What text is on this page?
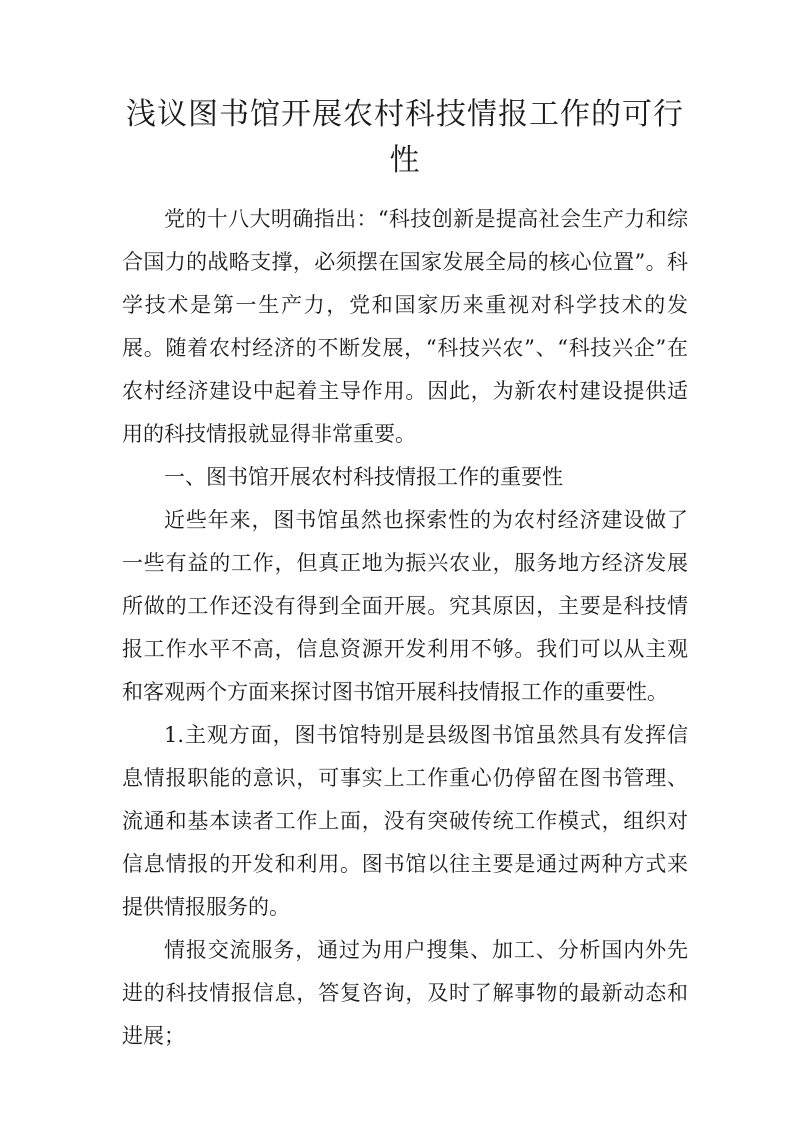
浅议图书馆开展农村科技情报工作的可行性

党的十八大明确指出：“科技创新是提高社会生产力和综合国力的战略支撑，必须摆在国家发展全局的核心位置”。科学技术是第一生产力，党和国家历来重视对科学技术的发展。随着农村经济的不断发展，“科技兴农”、“科技兴企”在农村经济建设中起着主导作用。因此，为新农村建设提供适用的科技情报就显得非常重要。

一、图书馆开展农村科技情报工作的重要性

近些年来，图书馆虽然也探索性的为农村经济建设做了一些有益的工作，但真正地为振兴农业，服务地方经济发展所做的工作还没有得到全面开展。究其原因，主要是科技情报工作水平不高，信息资源开发利用不够。我们可以从主观和客观两个方面来探讨图书馆开展科技情报工作的重要性。

1.主观方面，图书馆特别是县级图书馆虽然具有发挥信息情报职能的意识，可事实上工作重心仍停留在图书管理、流通和基本读者工作上面，没有突破传统工作模式，组织对信息情报的开发和利用。图书馆以往主要是通过两种方式来提供情报服务的。

情报交流服务，通过为用户搜集、加工、分析国内外先进的科技情报信息，答复咨询，及时了解事物的最新动态和进展；
